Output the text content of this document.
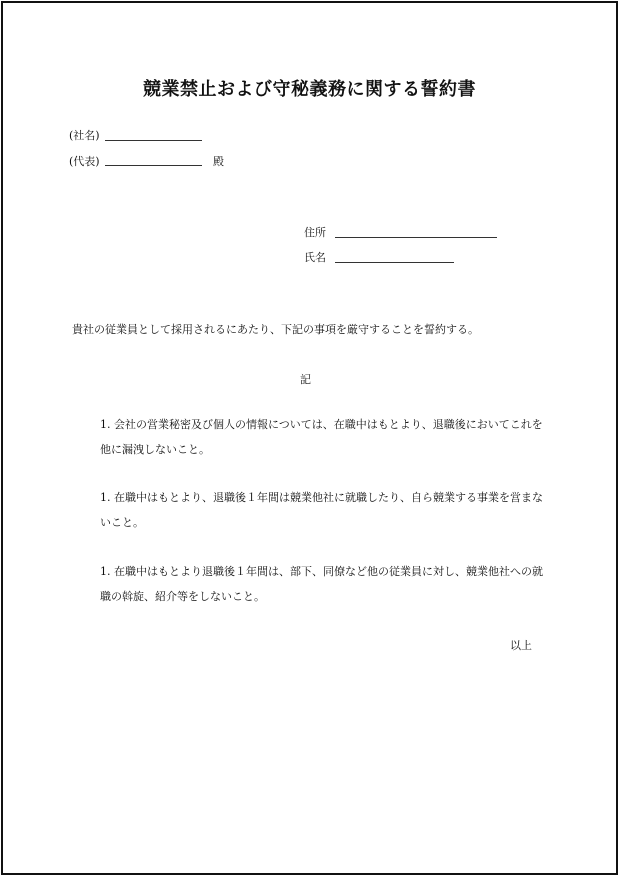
競業禁止および守秘義務に関する誓約書
(社名)
(代表)	殿
住所
氏名
貴社の従業員として採用されるにあたり、下記の事項を厳守することを誓約する。
記
1. 会社の営業秘密及び個人の情報については、在職中はもとより、退職後においてこれを他に漏洩しないこと。
1. 在職中はもとより、退職後１年間は競業他社に就職したり、自ら競業する事業を営まないこと。
1. 在職中はもとより退職後１年間は、部下、同僚など他の従業員に対し、競業他社への就職の斡旋、紹介等をしないこと。
以上
